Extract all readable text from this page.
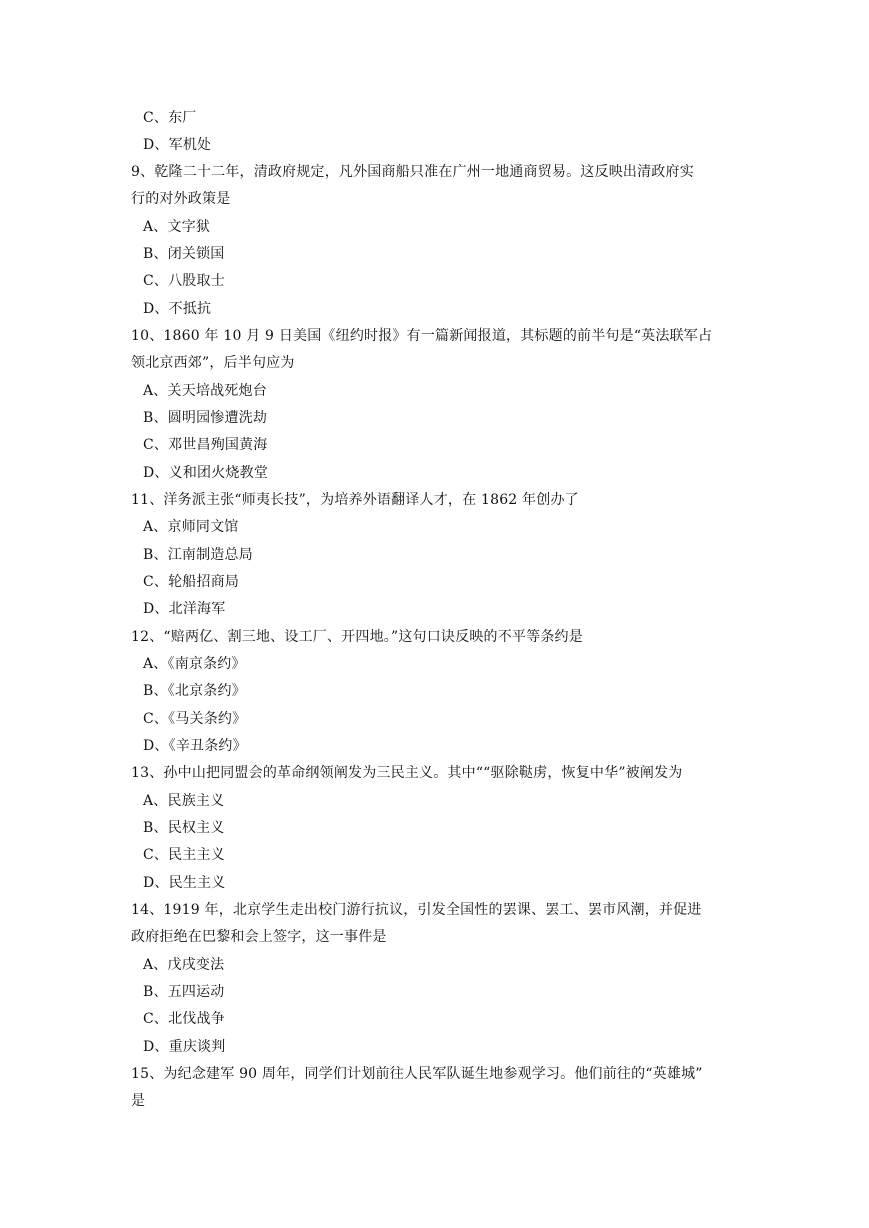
C、东厂
D、军机处
9、乾隆二十二年，清政府规定，凡外国商船只准在广州一地通商贸易。这反映出清政府实
行的对外政策是
A、文字狱
B、闭关锁国
C、八股取士
D、不抵抗
10、1860 年 10 月 9 日美国《纽约时报》有一篇新闻报道，其标题的前半句是“英法联军占
领北京西郊”，后半句应为
A、关天培战死炮台
B、圆明园惨遭洗劫
C、邓世昌殉国黄海
D、义和团火烧教堂
11、洋务派主张“师夷长技”，为培养外语翻译人才，在 1862 年创办了
A、京师同文馆
B、江南制造总局
C、轮船招商局
D、北洋海军
12、“赔两亿、割三地、设工厂、开四地。”这句口诀反映的不平等条约是
A、《南京条约》
B、《北京条约》
C、《马关条约》
D、《辛丑条约》
13、孙中山把同盟会的革命纲领阐发为三民主义。其中““驱除鞑虏，恢复中华”被阐发为
A、民族主义
B、民权主义
C、民主主义
D、民生主义
14、1919 年，北京学生走出校门游行抗议，引发全国性的罢课、罢工、罢市风潮，并促进
政府拒绝在巴黎和会上签字，这一事件是
A、戊戌变法
B、五四运动
C、北伐战争
D、重庆谈判
15、为纪念建军 90 周年，同学们计划前往人民军队诞生地参观学习。他们前往的“英雄城”
是
